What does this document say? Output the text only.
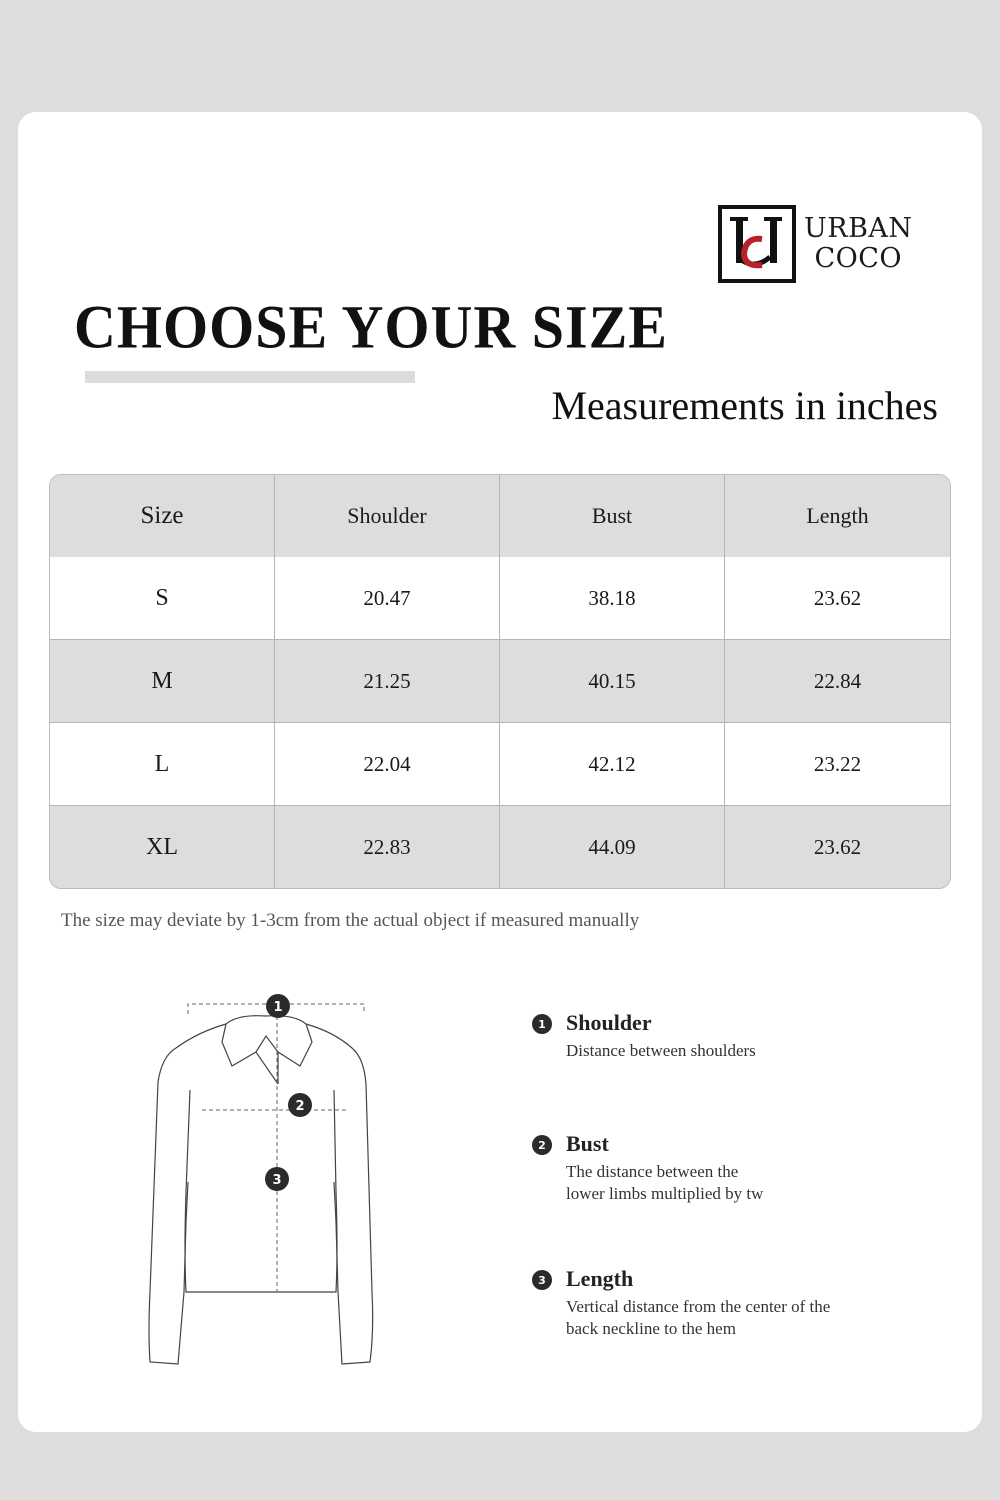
URBAN
COCO
CHOOSE YOUR SIZE
Measurements in inches
Size	Shoulder	Bust	Length
S	20.47	38.18	23.62
M	21.25	40.15	22.84
L	22.04	42.12	23.22
XL	22.83	44.09	23.62
The size may deviate by 1-3cm from the actual object if measured manually
1
2
3
1 Shoulder
Distance between shoulders
2 Bust
The distance between the
lower limbs multiplied by tw
3 Length
Vertical distance from the center of the
back neckline to the hem
